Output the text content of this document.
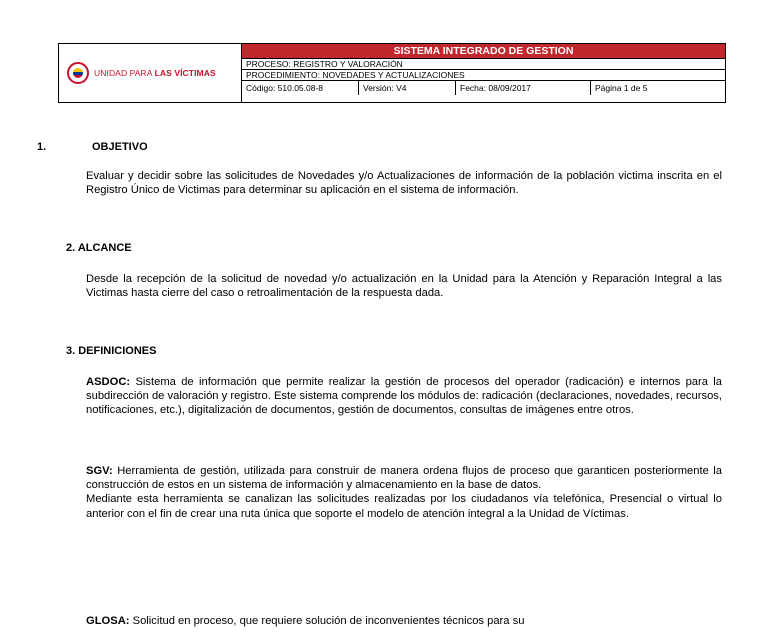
UNIDAD PARA LAS VÍCTIMAS
SISTEMA INTEGRADO DE GESTION
PROCESO: REGISTRO Y VALORACIÓN
PROCEDIMIENTO: NOVEDADES Y ACTUALIZACIONES
Código: 510.05.08-8	Versión: V4	Fecha: 08/09/2017	Página 1 de 5
1.	OBJETIVO
Evaluar y decidir sobre las solicitudes de Novedades y/o Actualizaciones de información de la población victima inscrita en el Registro Único de Victimas para determinar su aplicación en el sistema de información.
2. ALCANCE
Desde la recepción de la solicitud de novedad y/o actualización en la Unidad para la Atención y Reparación Integral a las Victimas hasta cierre del caso o retroalimentación de la respuesta dada.
3. DEFINICIONES
ASDOC: Sistema de información que permite realizar la gestión de procesos del operador (radicación) e internos para la subdirección de valoración y registro. Este sistema comprende los módulos de: radicación (declaraciones, novedades, recursos, notificaciones, etc.), digitalización de documentos, gestión de documentos, consultas de imágenes entre otros.
SGV: Herramienta de gestión, utilizada para construir de manera ordena flujos de proceso que garanticen posteriormente la construcción de estos en un sistema de información y almacenamiento en la base de datos.
Mediante esta herramienta se canalizan las solicitudes realizadas por los ciudadanos vía telefónica, Presencial o virtual lo anterior con el fin de crear una ruta única que soporte el modelo de atención integral a la Unidad de Víctimas.
GLOSA: Solicitud en proceso, que requiere solución de inconvenientes técnicos para su
